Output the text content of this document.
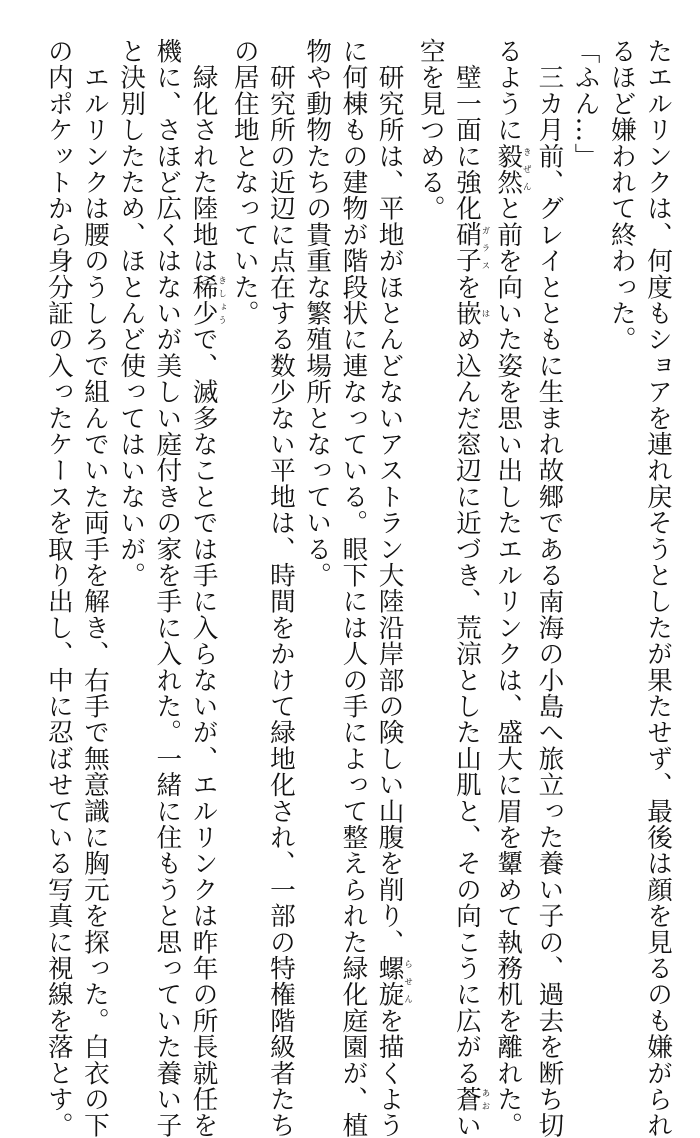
たエルリンクは、何度もショアを連れ戻そうとしたが果たせず、最後は顔を見るのも嫌がられ
るほど嫌われて終わった。
「ふん…」
　三カ月前、グレイとともに生まれ故郷である南海の小島へ旅立った養い子の、過去を断ち切
るように毅然きぜんと前を向いた姿を思い出したエルリンクは、盛大に眉を顰めて執務机を離れた。
　壁一面に強化硝子ガラスを嵌はめ込んだ窓辺に近づき、荒涼とした山肌と、その向こうに広がる蒼あおい
空を見つめる。
　研究所は、平地がほとんどないアストラン大陸沿岸部の険しい山腹を削り、螺旋らせんを描くよう
に何棟もの建物が階段状に連なっている。眼下には人の手によって整えられた緑化庭園が、植
物や動物たちの貴重な繁殖場所となっている。
　研究所の近辺に点在する数少ない平地は、時間をかけて緑地化され、一部の特権階級者たち
の居住地となっていた。
　緑化された陸地は稀少きしょうで、滅多なことでは手に入らないが、エルリンクは昨年の所長就任を
機に、さほど広くはないが美しい庭付きの家を手に入れた。一緒に住もうと思っていた養い子
と決別したため、ほとんど使ってはいないが。
　エルリンクは腰のうしろで組んでいた両手を解き、右手で無意識に胸元を探った。白衣の下
の内ポケットから身分証の入ったケースを取り出し、中に忍ばせている写真に視線を落とす。
